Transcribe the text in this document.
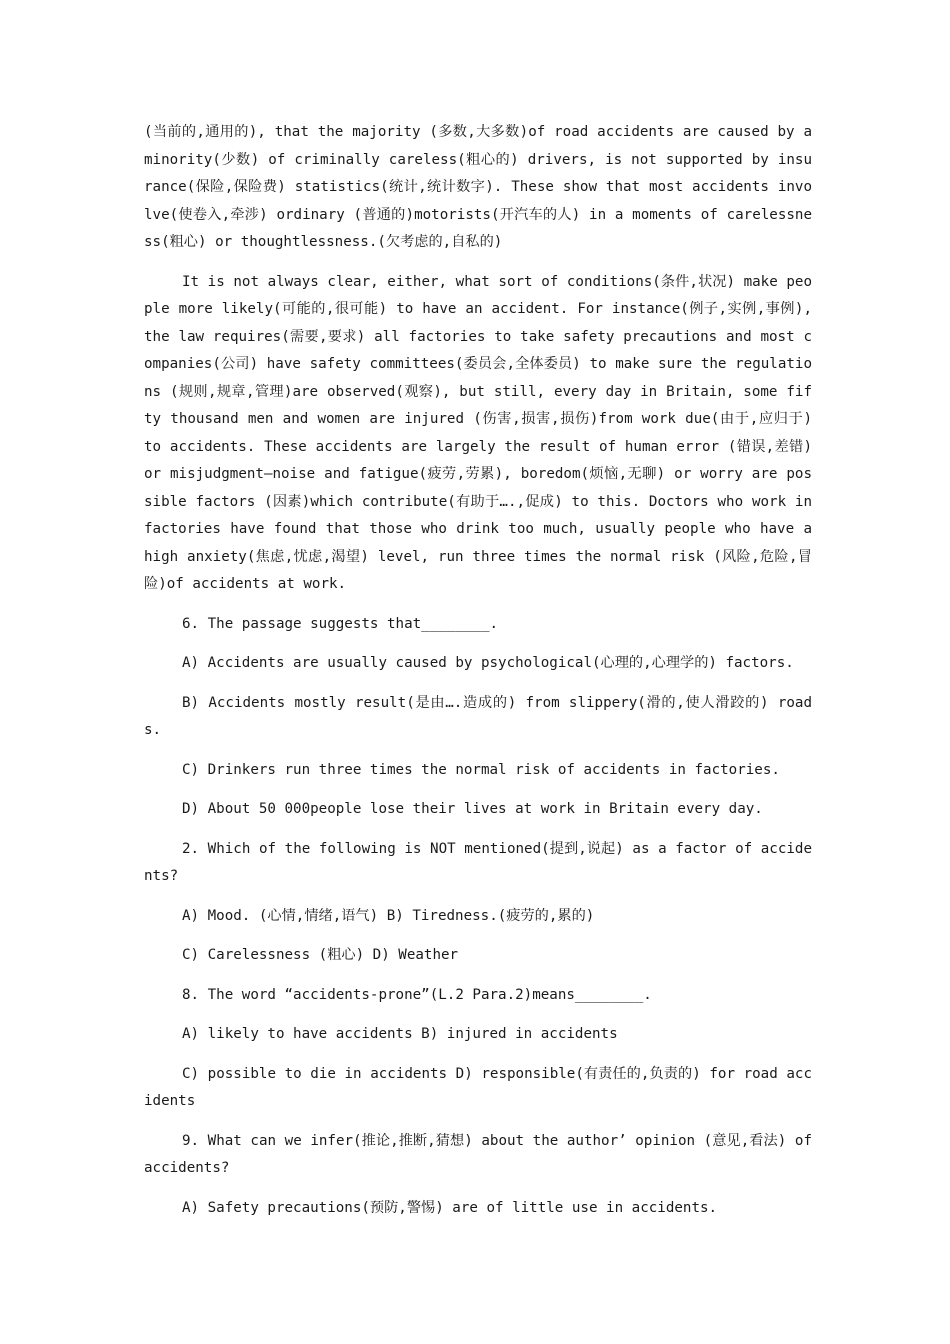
(当前的,通用的), that the majority (多数,大多数)of road accidents are caused by a minority(少数) of criminally careless(粗心的) drivers, is not supported by insurance(保险,保险费) statistics(统计,统计数字). These show that most accidents involve(使卷入,牵涉) ordinary (普通的)motorists(开汽车的人) in a moments of carelessness(粗心) or thoughtlessness.(欠考虑的,自私的)

It is not always clear, either, what sort of conditions(条件,状况) make people more likely(可能的,很可能) to have an accident. For instance(例子,实例,事例), the law requires(需要,要求) all factories to take safety precautions and most companies(公司) have safety committees(委员会,全体委员) to make sure the regulations (规则,规章,管理)are observed(观察), but still, every day in Britain, some fifty thousand men and women are injured (伤害,损害,损伤)from work due(由于,应归于) to accidents. These accidents are largely the result of human error (错误,差错)or misjudgment—noise and fatigue(疲劳,劳累), boredom(烦恼,无聊) or worry are possible factors (因素)which contribute(有助于….,促成) to this. Doctors who work in factories have found that those who drink too much, usually people who have a high anxiety(焦虑,忧虑,渴望) level, run three times the normal risk (风险,危险,冒险)of accidents at work.

6. The passage suggests that________.

A) Accidents are usually caused by psychological(心理的,心理学的) factors.

B) Accidents mostly result(是由….造成的) from slippery(滑的,使人滑跤的) roads.

C) Drinkers run three times the normal risk of accidents in factories.

D) About 50 000people lose their lives at work in Britain every day.

2. Which of the following is NOT mentioned(提到,说起) as a factor of accidents?

A) Mood. (心情,情绪,语气) B) Tiredness.(疲劳的,累的)

C) Carelessness (粗心) D) Weather

8. The word “accidents-prone”(L.2 Para.2)means________.

A) likely to have accidents B) injured in accidents

C) possible to die in accidents D) responsible(有责任的,负责的) for road accidents

9. What can we infer(推论,推断,猜想) about the author’ opinion (意见,看法) of accidents?

A) Safety precautions(预防,警惕) are of little use in accidents.
